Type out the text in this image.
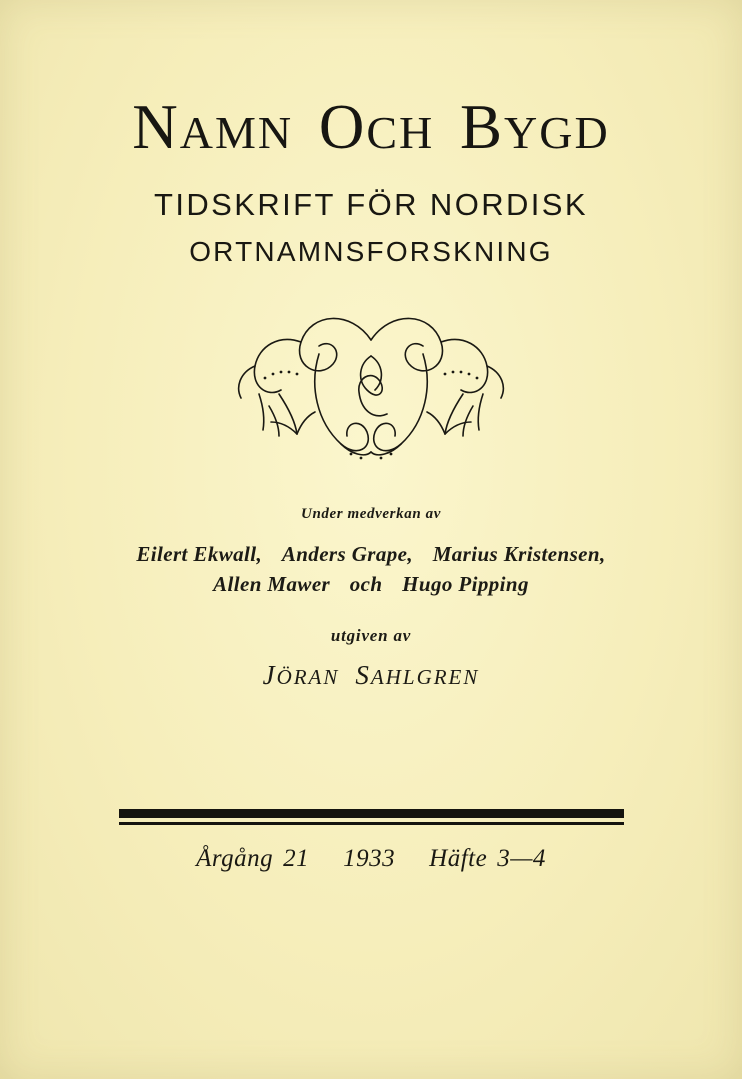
NAMN OCH BYGD
TIDSKRIFT FÖR NORDISK
ORTNAMNSFORSKNING
Under medverkan av
Eilert Ekwall, Anders Grape, Marius Kristensen,
Allen Mawer och Hugo Pipping
utgiven av
JÖRAN SAHLGREN
Årgång 21 1933 Häfte 3—4
